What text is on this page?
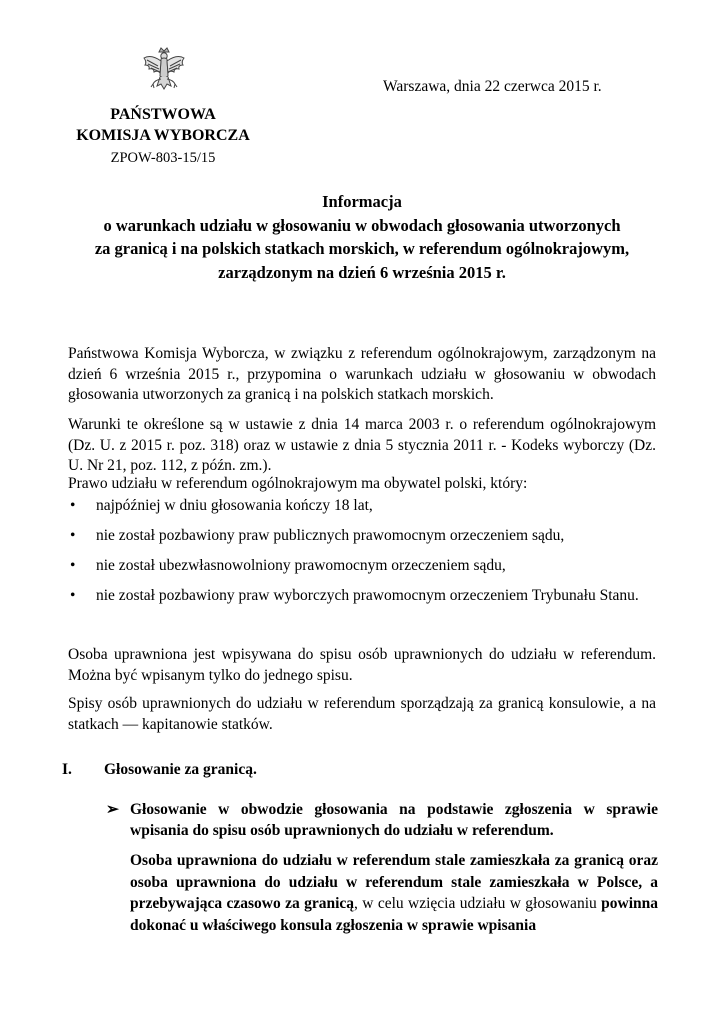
Warszawa, dnia 22 czerwca 2015 r.
PAŃSTWOWA
KOMISJA WYBORCZA
ZPOW-803-15/15
Informacja
o warunkach udziału w głosowaniu w obwodach głosowania utworzonych
za granicą i na polskich statkach morskich, w referendum ogólnokrajowym,
zarządzonym na dzień 6 września 2015 r.
Państwowa Komisja Wyborcza, w związku z referendum ogólnokrajowym, zarządzonym na dzień 6 września 2015 r., przypomina o warunkach udziału w głosowaniu w obwodach głosowania utworzonych za granicą i na polskich statkach morskich.
Warunki te określone są w ustawie z dnia 14 marca 2003 r. o referendum ogólnokrajowym (Dz. U. z 2015 r. poz. 318) oraz w ustawie z dnia 5 stycznia 2011 r. - Kodeks wyborczy (Dz. U. Nr 21, poz. 112, z późn. zm.).
Prawo udziału w referendum ogólnokrajowym ma obywatel polski, który:
• najpóźniej w dniu głosowania kończy 18 lat,
• nie został pozbawiony praw publicznych prawomocnym orzeczeniem sądu,
• nie został ubezwłasnowolniony prawomocnym orzeczeniem sądu,
• nie został pozbawiony praw wyborczych prawomocnym orzeczeniem Trybunału Stanu.
Osoba uprawniona jest wpisywana do spisu osób uprawnionych do udziału w referendum. Można być wpisanym tylko do jednego spisu.
Spisy osób uprawnionych do udziału w referendum sporządzają za granicą konsulowie, a na statkach — kapitanowie statków.
I. Głosowanie za granicą.
➢ Głosowanie w obwodzie głosowania na podstawie zgłoszenia w sprawie wpisania do spisu osób uprawnionych do udziału w referendum.
Osoba uprawniona do udziału w referendum stale zamieszkała za granicą oraz osoba uprawniona do udziału w referendum stale zamieszkała w Polsce, a przebywająca czasowo za granicą, w celu wzięcia udziału w głosowaniu powinna dokonać u właściwego konsula zgłoszenia w sprawie wpisania
